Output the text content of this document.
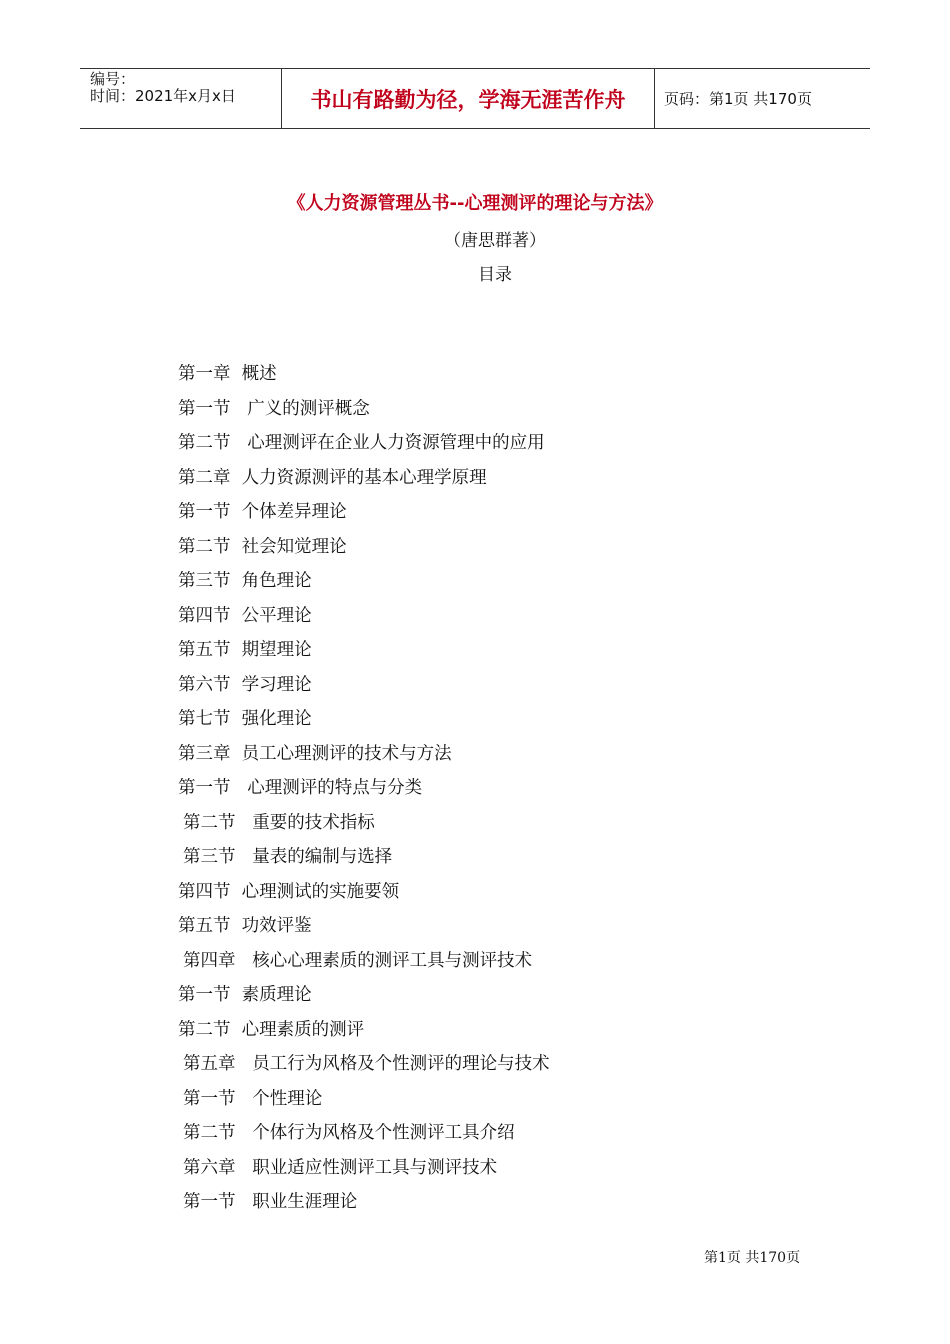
编号：
时间：2021年x月x日	书山有路勤为径，学海无涯苦作舟	页码：第1页 共170页
《人力资源管理丛书--心理测评的理论与方法》
（唐思群著）
目录
第一章  概述
第一节   广义的测评概念
第二节   心理测评在企业人力资源管理中的应用
第二章  人力资源测评的基本心理学原理
第一节  个体差异理论
第二节  社会知觉理论
第三节  角色理论
第四节  公平理论
第五节  期望理论
第六节  学习理论
第七节  强化理论
第三章  员工心理测评的技术与方法
第一节   心理测评的特点与分类
第二节   重要的技术指标
第三节   量表的编制与选择
第四节  心理测试的实施要领
第五节  功效评鉴
第四章   核心心理素质的测评工具与测评技术
第一节  素质理论
第二节  心理素质的测评
第五章   员工行为风格及个性测评的理论与技术
第一节   个性理论
第二节   个体行为风格及个性测评工具介绍
第六章   职业适应性测评工具与测评技术
第一节   职业生涯理论
第1页 共170页
